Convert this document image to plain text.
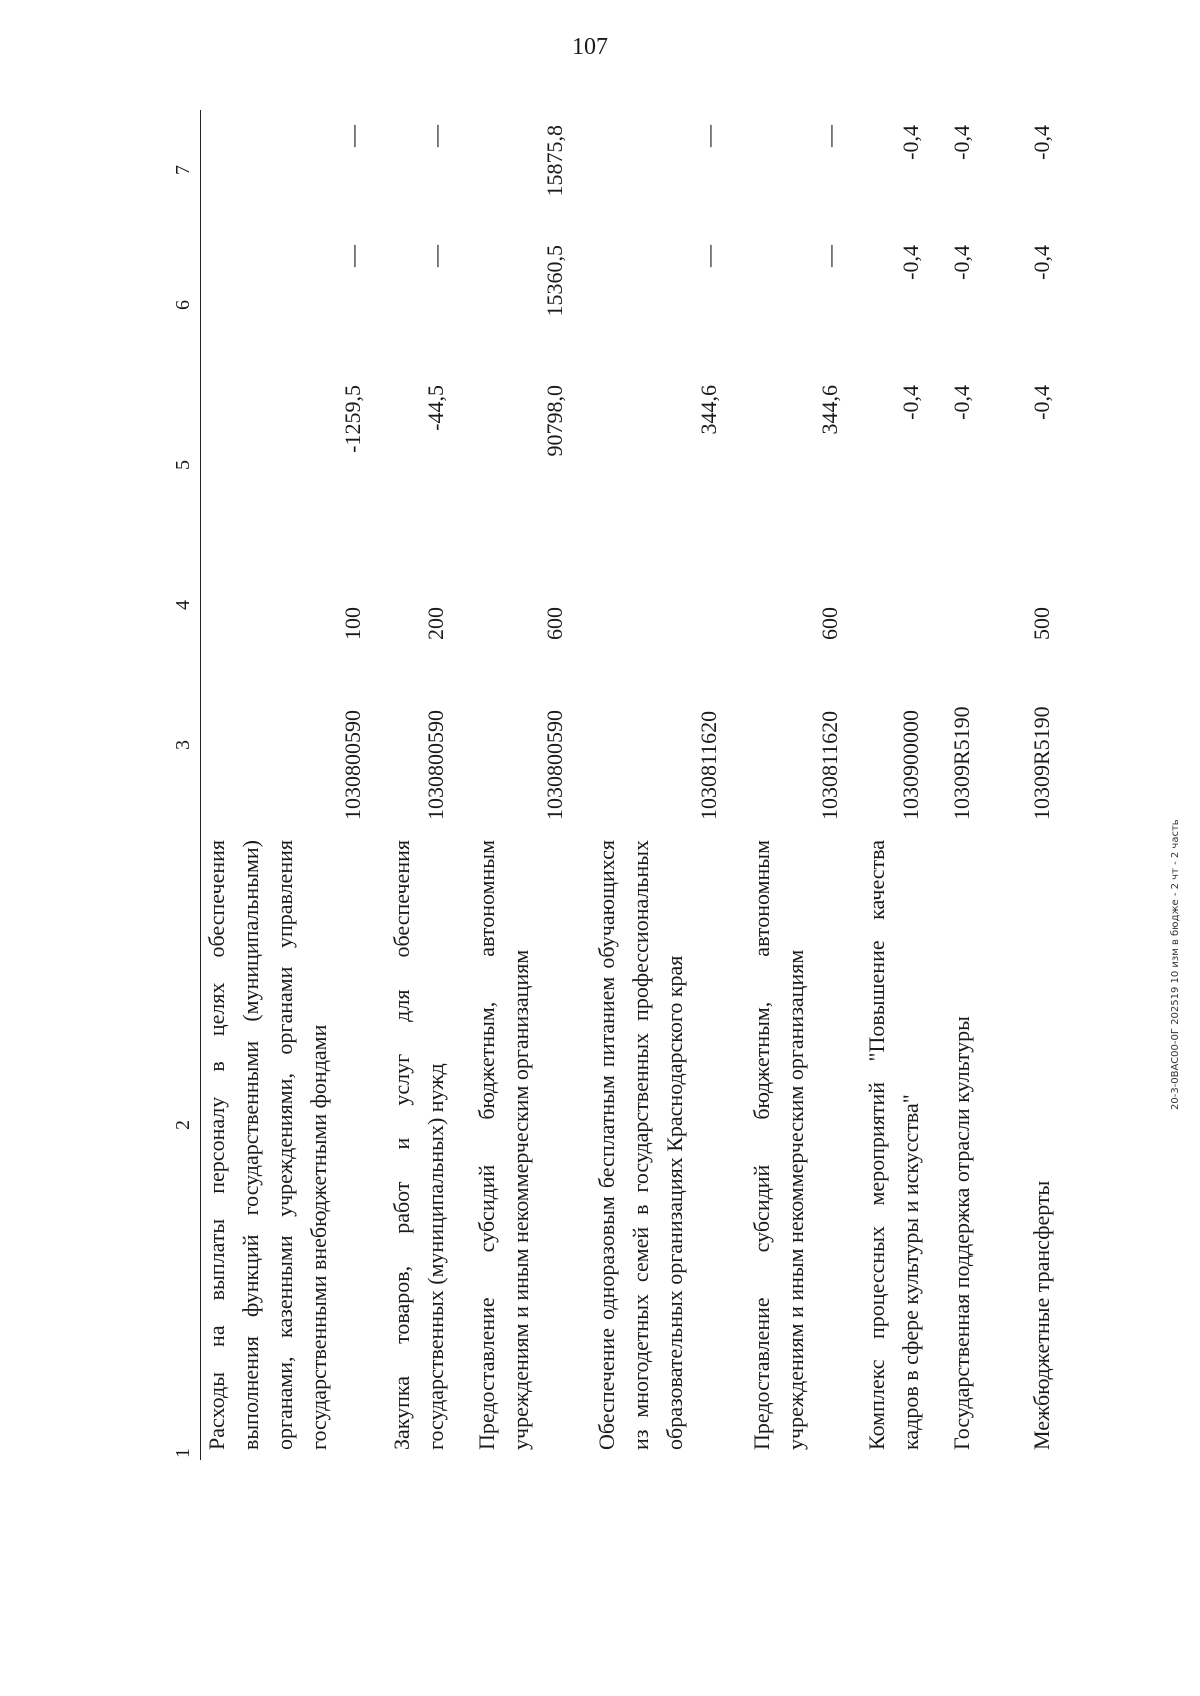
107
1
2
3
4
5
6
7
Расходы на выплаты персоналу в целях обеспечения выполнения функций государственными (муниципальными) органами, казенными учреждениями, органами управления государственными внебюджетными фондами
1030800590
100
-1259,5
—
—
Закупка товаров, работ и услуг для обеспечения государственных (муниципальных) нужд
1030800590
200
-44,5
—
—
Предоставление субсидий бюджетным, автономным учреждениям и иным некоммерческим организациям
1030800590
600
90798,0
15360,5
15875,8
Обеспечение одноразовым бесплатным питанием обучающихся из многодетных семей в государственных профессиональных образовательных организациях Краснодарского края
1030811620
344,6
—
—
Предоставление субсидий бюджетным, автономным учреждениям и иным некоммерческим организациям
1030811620
600
344,6
—
—
Комплекс процессных мероприятий "Повышение качества кадров в сфере культуры и искусства"
1030900000
-0,4
-0,4
-0,4
Государственная поддержка отрасли культуры
10309R5190
-0,4
-0,4
-0,4
Межбюджетные трансферты
10309R5190
500
-0,4
-0,4
-0,4
20-3-0BAC00-0Г 202519 10 изм в бюдже - 2 чт - 2 часть
